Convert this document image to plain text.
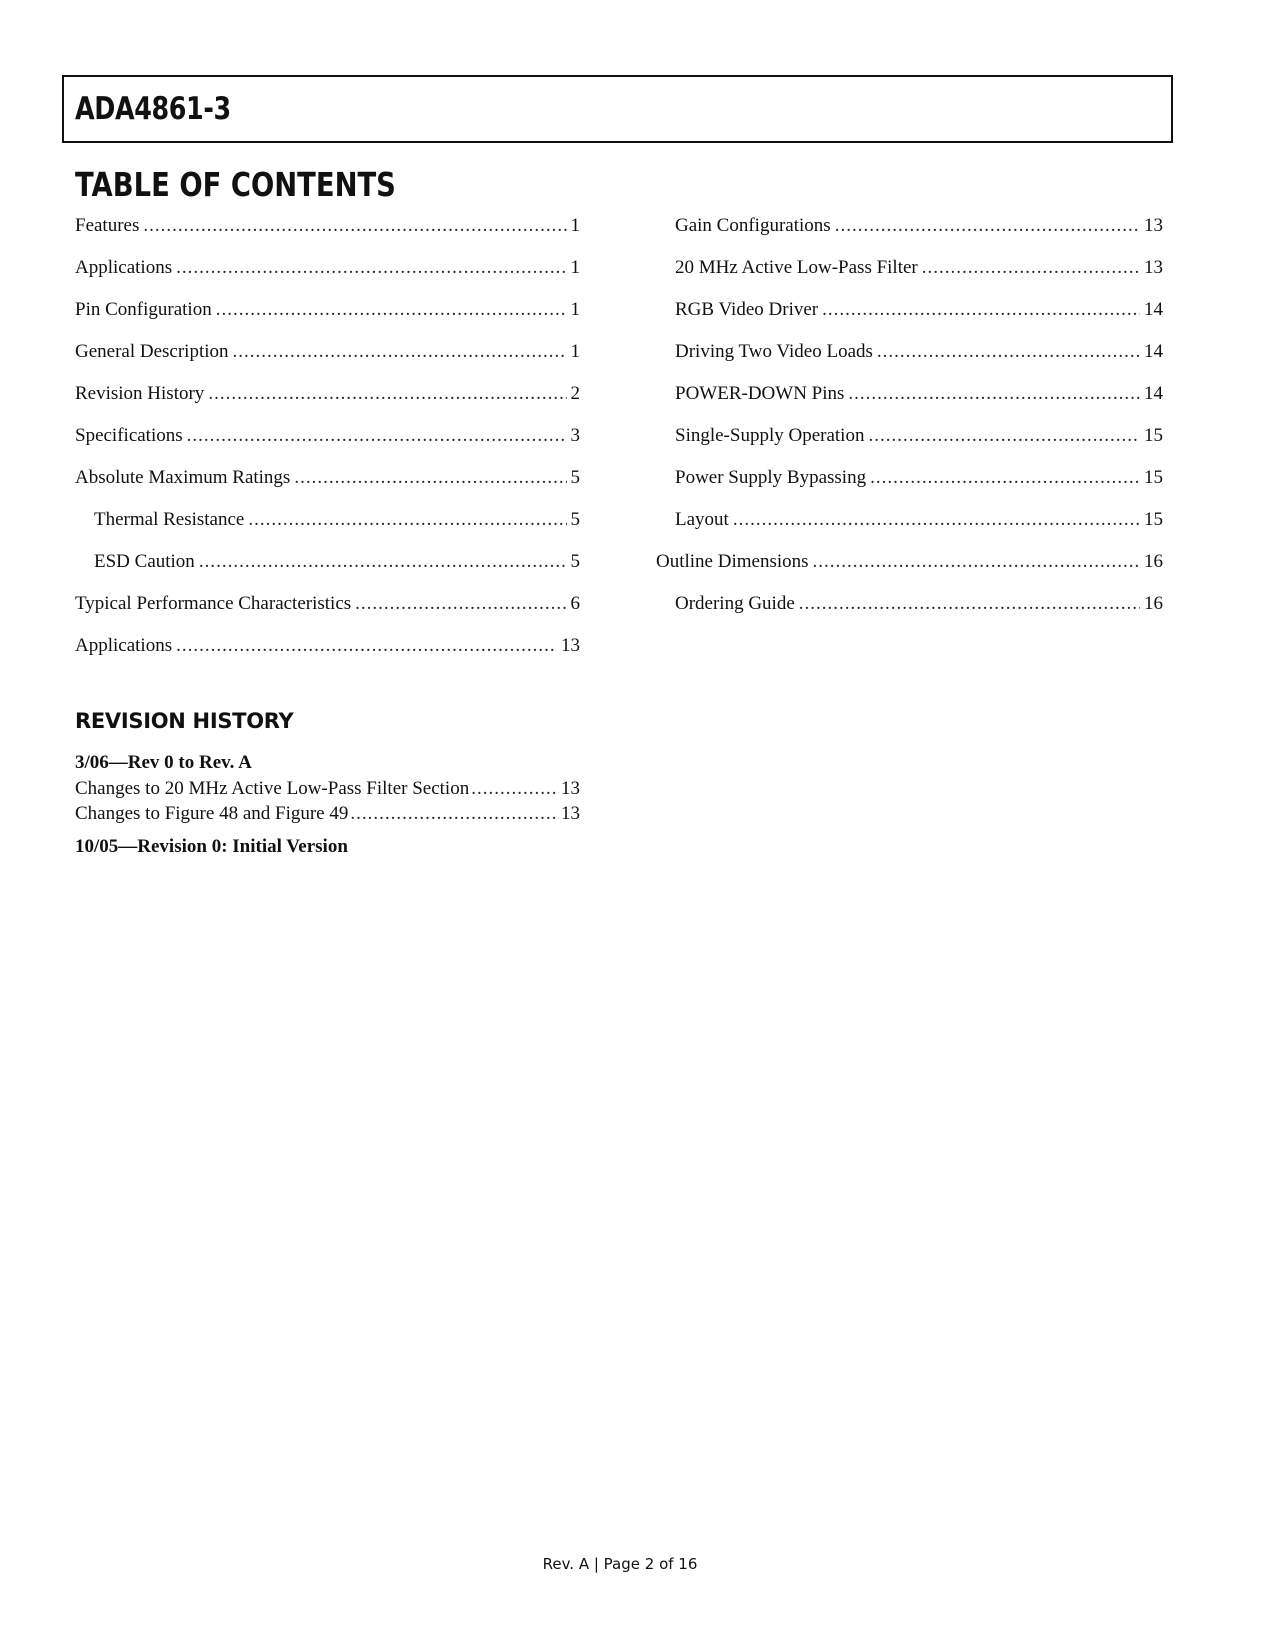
ADA4861-3
TABLE OF CONTENTS
Features .....	1
Applications .....	1
Pin Configuration .....	1
General Description .....	1
Revision History .....	2
Specifications .....	3
Absolute Maximum Ratings .....	5
Thermal Resistance .....	5
ESD Caution .....	5
Typical Performance Characteristics .....	6
Applications .....	13
Gain Configurations .....	13
20 MHz Active Low-Pass Filter .....	13
RGB Video Driver .....	14
Driving Two Video Loads .....	14
POWER-DOWN Pins .....	14
Single-Supply Operation .....	15
Power Supply Bypassing .....	15
Layout .....	15
Outline Dimensions .....	16
Ordering Guide .....	16
REVISION HISTORY
3/06—Rev 0 to Rev. A
Changes to 20 MHz Active Low-Pass Filter Section .....	13
Changes to Figure 48 and Figure 49 .....	13
10/05—Revision 0: Initial Version
Rev. A | Page 2 of 16
